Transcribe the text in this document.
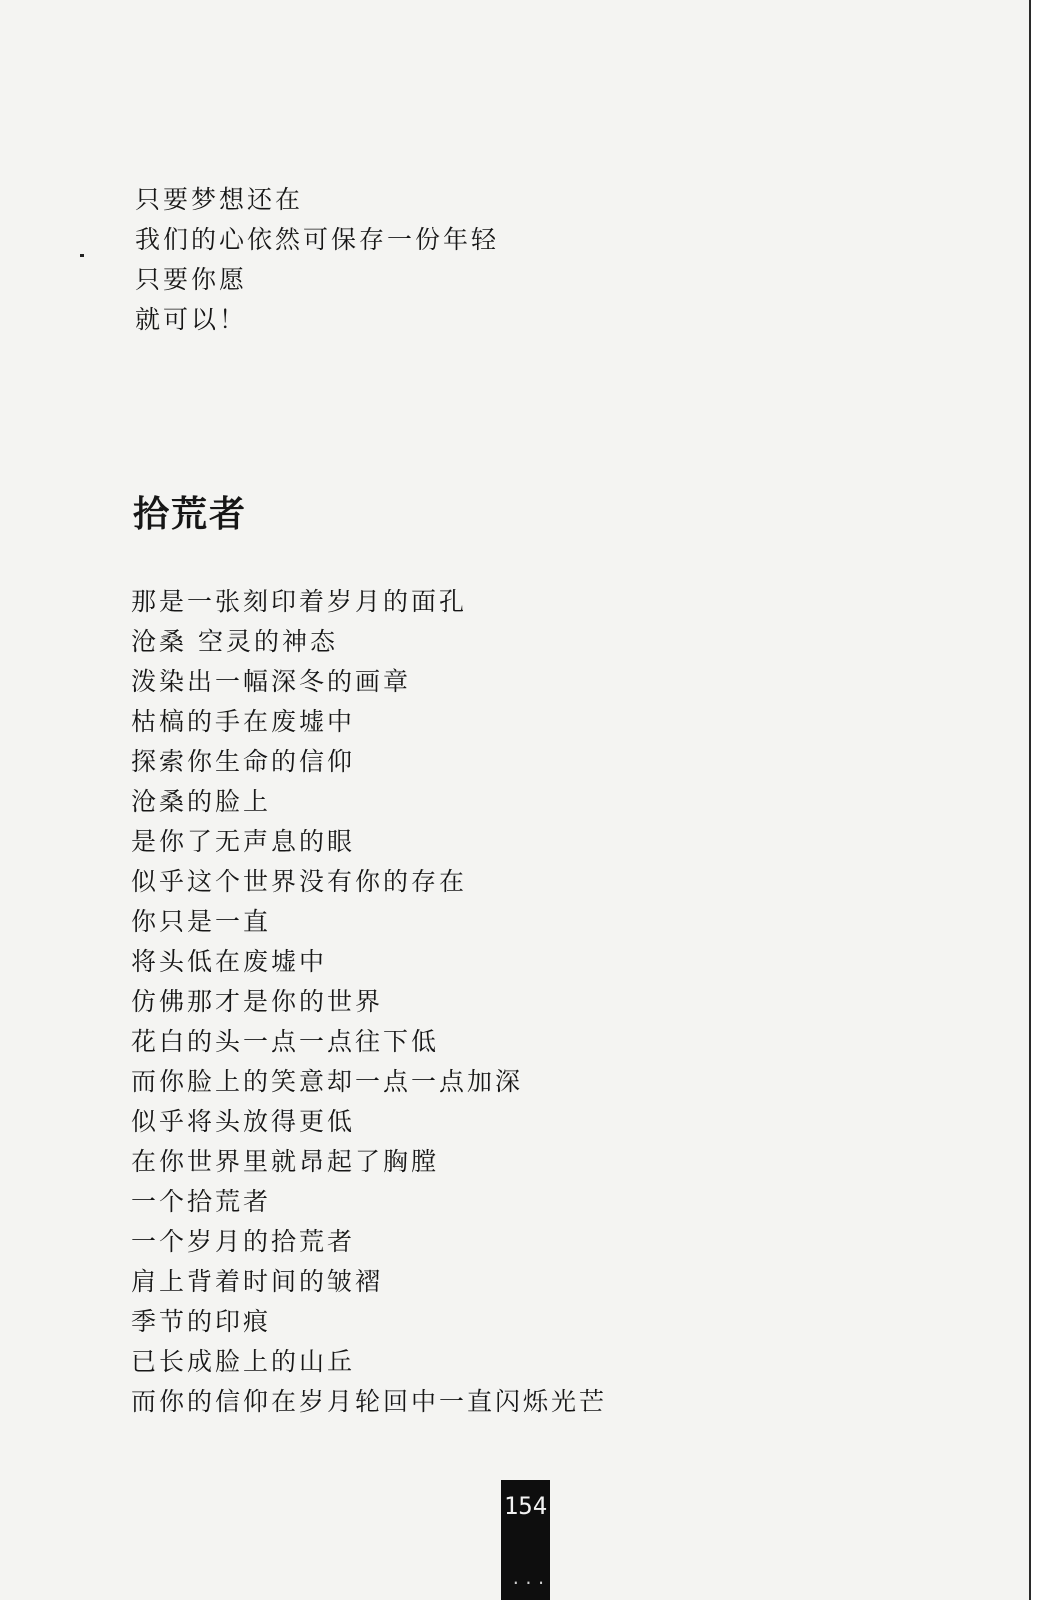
只要梦想还在
我们的心依然可保存一份年轻
只要你愿
就可以！
拾荒者
那是一张刻印着岁月的面孔
沧桑 空灵的神态
泼染出一幅深冬的画章
枯槁的手在废墟中
探索你生命的信仰
沧桑的脸上
是你了无声息的眼
似乎这个世界没有你的存在
你只是一直
将头低在废墟中
仿佛那才是你的世界
花白的头一点一点往下低
而你脸上的笑意却一点一点加深
似乎将头放得更低
在你世界里就昂起了胸膛
一个拾荒者
一个岁月的拾荒者
肩上背着时间的皱褶
季节的印痕
已长成脸上的山丘
而你的信仰在岁月轮回中一直闪烁光芒
154
...
